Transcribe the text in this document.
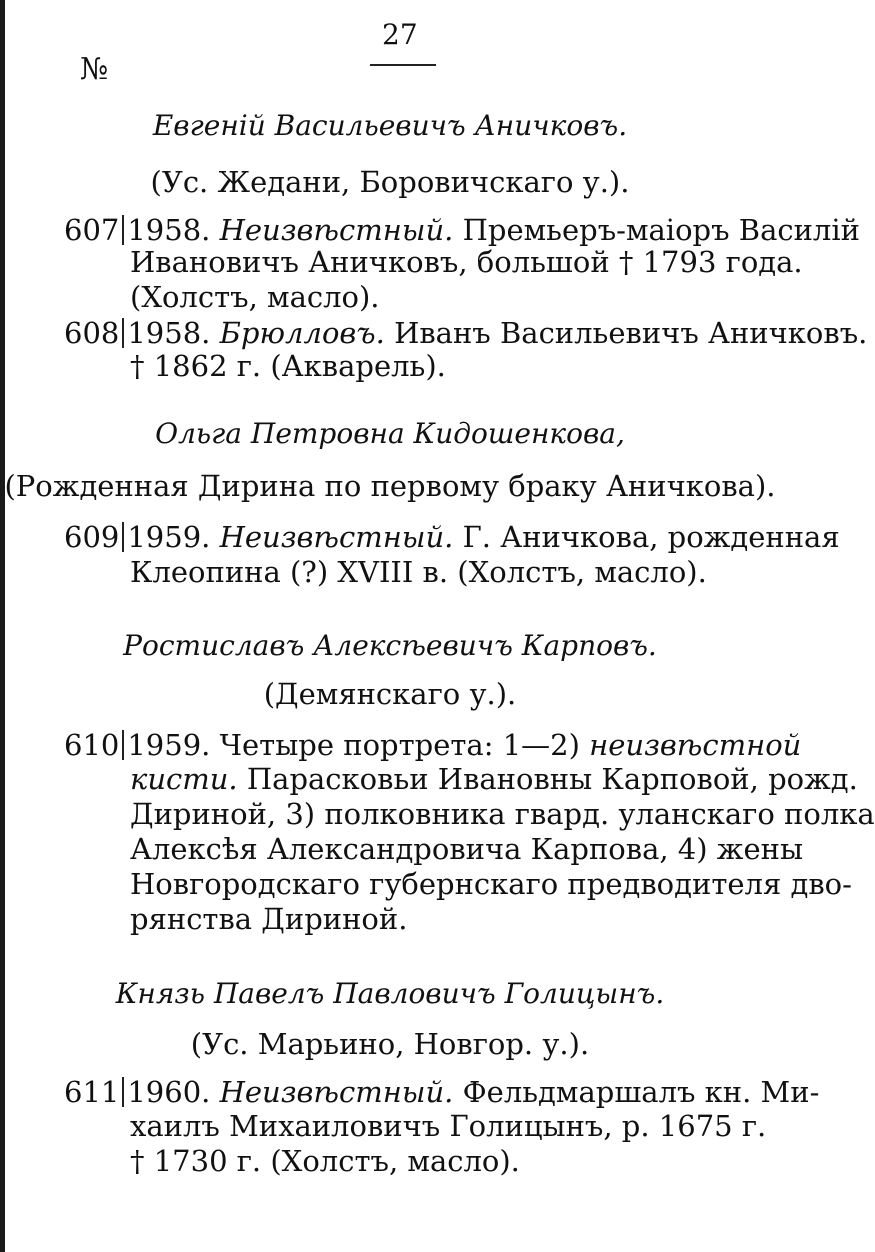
27
№
Евгеній Васильевичъ Аничковъ.
(Ус. Жедани, Боровичскаго у.).
607 1958. Неизвѣстный. Премьеръ-маіоръ Василій
Ивановичъ Аничковъ, большой † 1793 года.
(Холстъ, масло).
608 1958. Брюлловъ. Иванъ Васильевичъ Аничковъ.
† 1862 г. (Акварель).
Ольга Петровна Кидошенкова,
(Рожденная Дирина по первому браку Аничкова).
609 1959. Неизвѣстный. Г. Аничкова, рожденная
Клеопина (?) XVIII в. (Холстъ, масло).
Ростиславъ Алексѣевичъ Карповъ.
(Демянскаго у.).
610 1959. Четыре портрета: 1—2) неизвѣстной
кисти. Парасковьи Ивановны Карповой, рожд.
Дириной, 3) полковника гвард. уланскаго полка
Алексѣя Александровича Карпова, 4) жены
Новгородскаго губернскаго предводителя дво-
рянства Дириной.
Князь Павелъ Павловичъ Голицынъ.
(Ус. Марьино, Новгор. у.).
611 1960. Неизвѣстный. Фельдмаршалъ кн. Ми-
хаилъ Михаиловичъ Голицынъ, р. 1675 г.
† 1730 г. (Холстъ, масло).
